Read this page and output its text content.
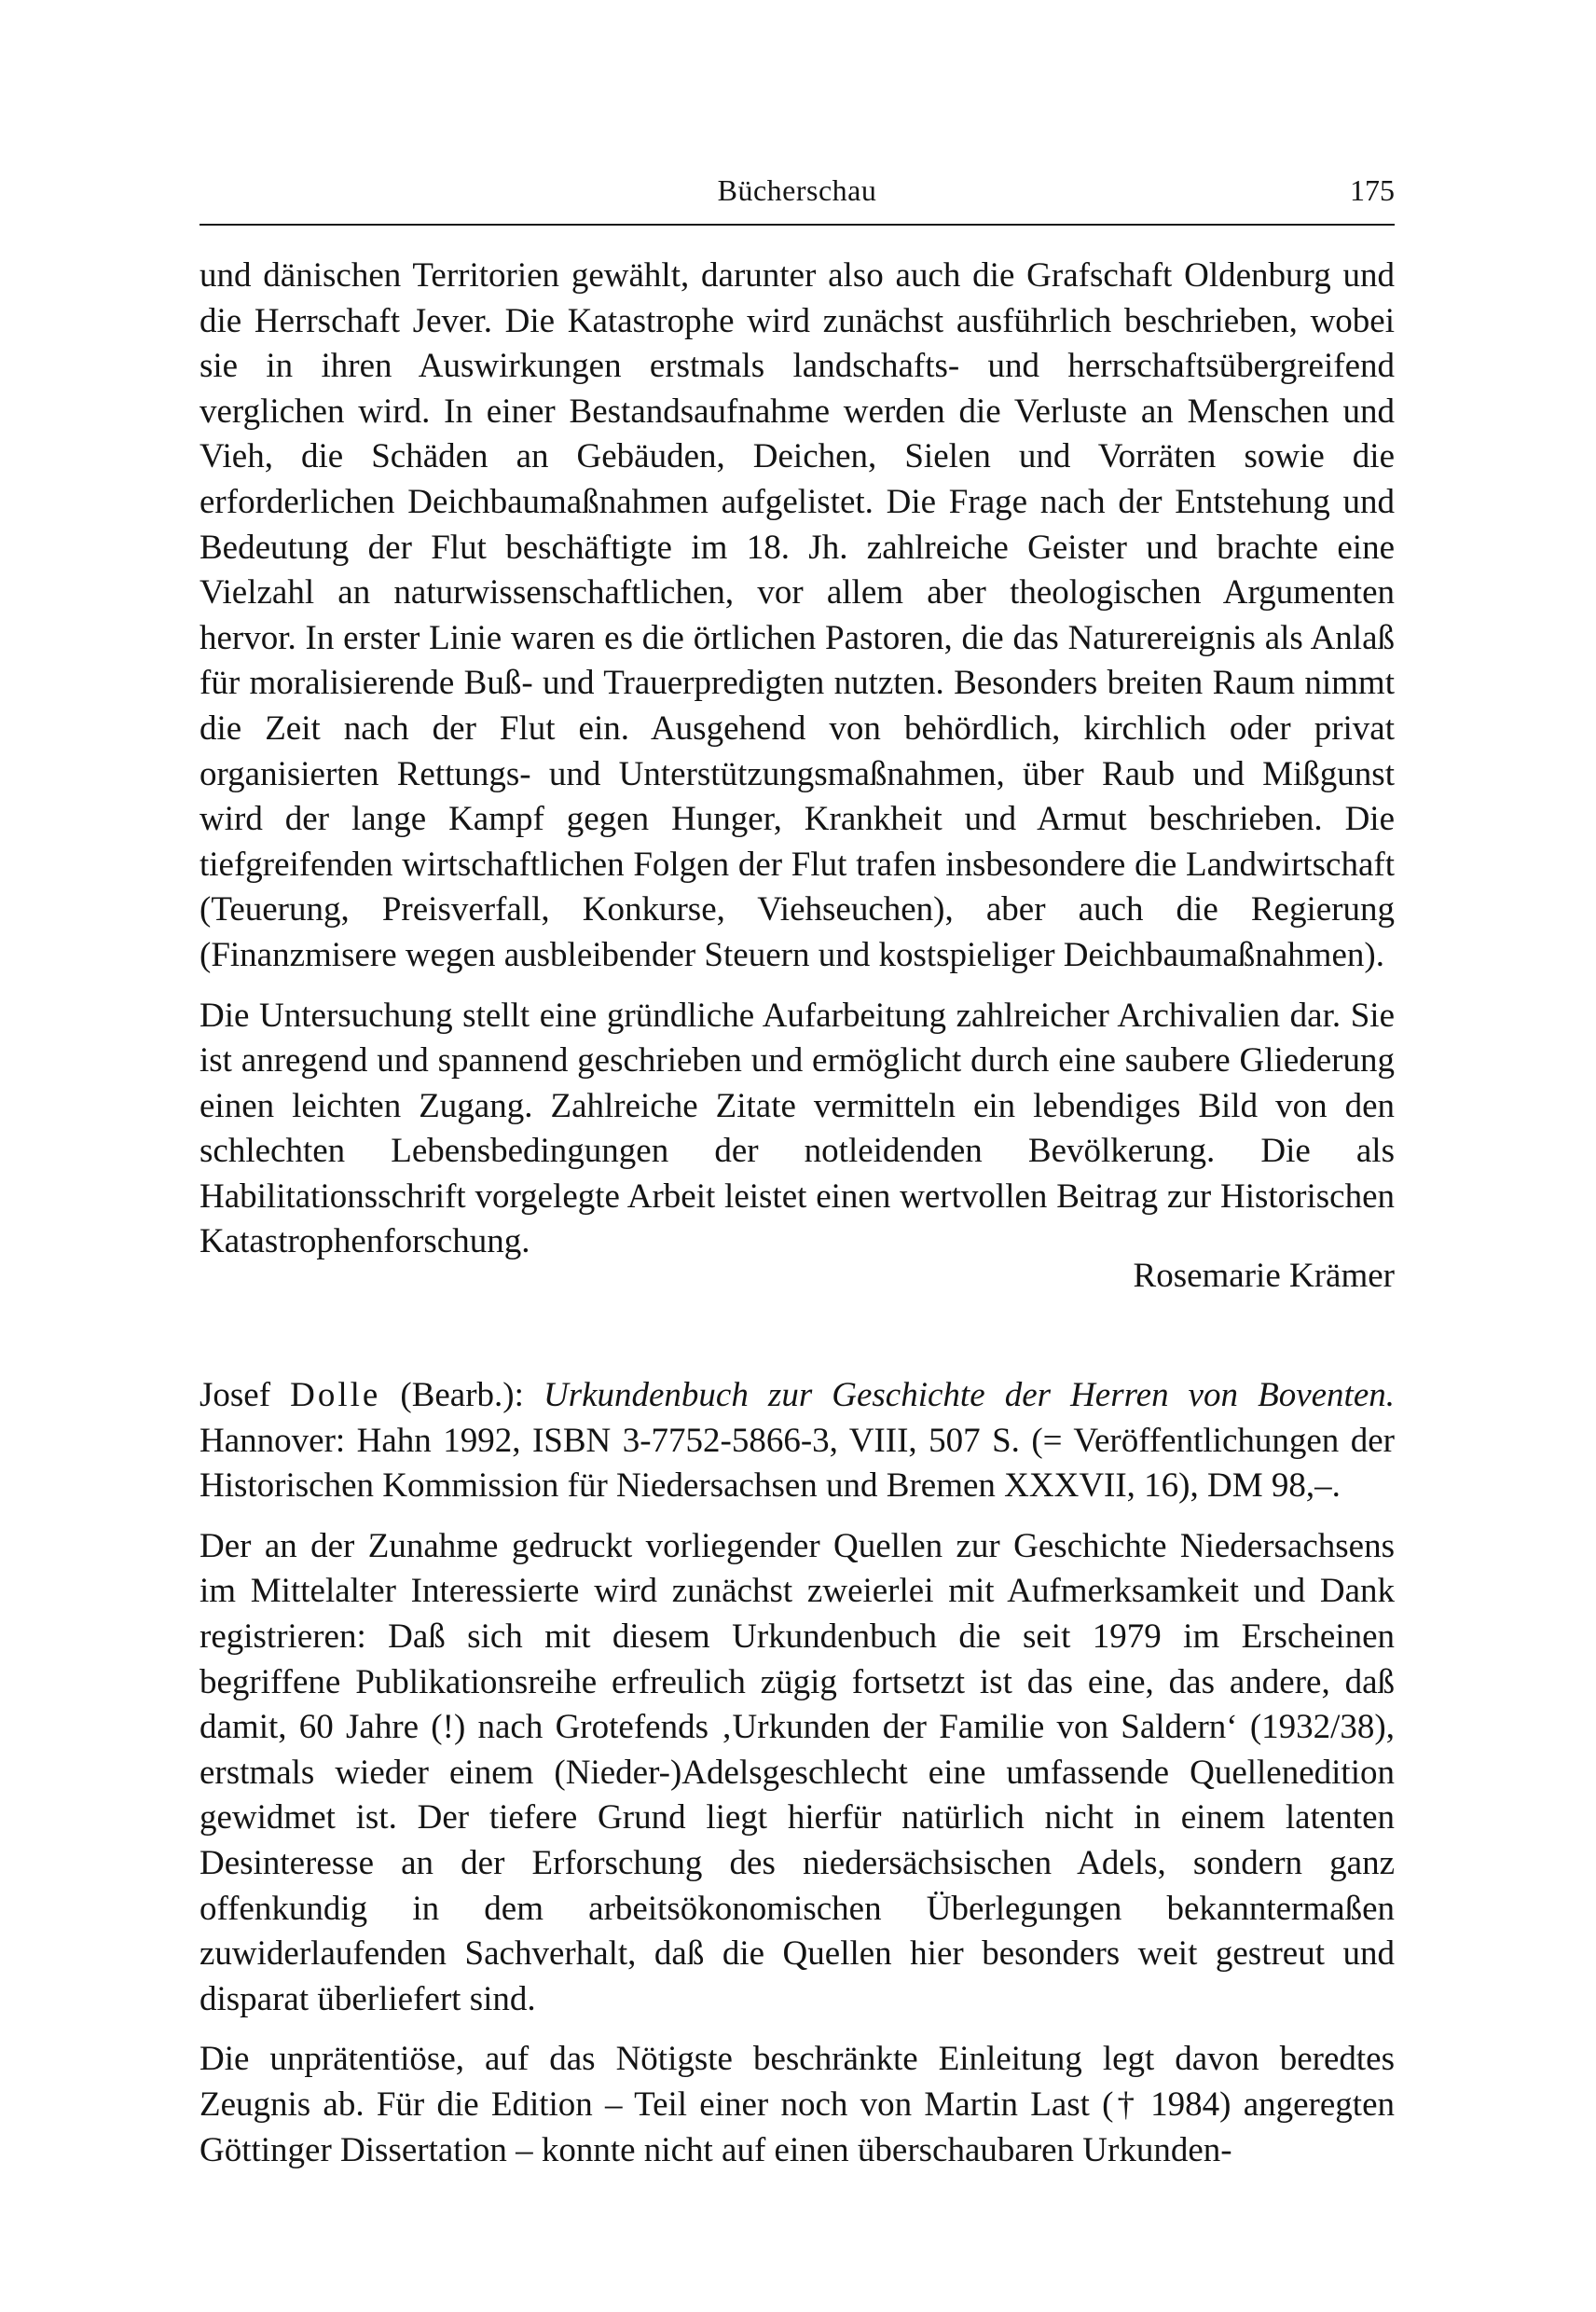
Bücherschau	175

und dänischen Territorien gewählt, darunter also auch die Grafschaft Oldenburg und die Herrschaft Jever. Die Katastrophe wird zunächst ausführlich beschrieben, wobei sie in ihren Auswirkungen erstmals landschafts- und herrschaftsübergreifend verglichen wird. In einer Bestandsaufnahme werden die Verluste an Menschen und Vieh, die Schäden an Gebäuden, Deichen, Sielen und Vorräten sowie die erforderlichen Deichbaumaßnahmen aufgelistet. Die Frage nach der Entstehung und Bedeutung der Flut beschäftigte im 18. Jh. zahlreiche Geister und brachte eine Vielzahl an naturwissenschaftlichen, vor allem aber theologischen Argumenten hervor. In erster Linie waren es die örtlichen Pastoren, die das Naturereignis als Anlaß für moralisierende Buß- und Trauerpredigten nutzten. Besonders breiten Raum nimmt die Zeit nach der Flut ein. Ausgehend von behördlich, kirchlich oder privat organisierten Rettungs- und Unterstützungsmaßnahmen, über Raub und Mißgunst wird der lange Kampf gegen Hunger, Krankheit und Armut beschrieben. Die tiefgreifenden wirtschaftlichen Folgen der Flut trafen insbesondere die Landwirtschaft (Teuerung, Preisverfall, Konkurse, Viehseuchen), aber auch die Regierung (Finanzmisere wegen ausbleibender Steuern und kostspieliger Deichbaumaßnahmen).

Die Untersuchung stellt eine gründliche Aufarbeitung zahlreicher Archivalien dar. Sie ist anregend und spannend geschrieben und ermöglicht durch eine saubere Gliederung einen leichten Zugang. Zahlreiche Zitate vermitteln ein lebendiges Bild von den schlechten Lebensbedingungen der notleidenden Bevölkerung. Die als Habilitationsschrift vorgelegte Arbeit leistet einen wertvollen Beitrag zur Historischen Katastrophenforschung.

Rosemarie Krämer

Josef Dolle (Bearb.): Urkundenbuch zur Geschichte der Herren von Boventen. Hannover: Hahn 1992, ISBN 3-7752-5866-3, VIII, 507 S. (= Veröffentlichungen der Historischen Kommission für Niedersachsen und Bremen XXXVII, 16), DM 98,–.

Der an der Zunahme gedruckt vorliegender Quellen zur Geschichte Niedersachsens im Mittelalter Interessierte wird zunächst zweierlei mit Aufmerksamkeit und Dank registrieren: Daß sich mit diesem Urkundenbuch die seit 1979 im Erscheinen begriffene Publikationsreihe erfreulich zügig fortsetzt ist das eine, das andere, daß damit, 60 Jahre (!) nach Grotefends ‚Urkunden der Familie von Saldern‘ (1932/38), erstmals wieder einem (Nieder-)Adelsgeschlecht eine umfassende Quellenedition gewidmet ist. Der tiefere Grund liegt hierfür natürlich nicht in einem latenten Desinteresse an der Erforschung des niedersächsischen Adels, sondern ganz offenkundig in dem arbeitsökonomischen Überlegungen bekanntermaßen zuwiderlaufenden Sachverhalt, daß die Quellen hier besonders weit gestreut und disparat überliefert sind.

Die unprätentiöse, auf das Nötigste beschränkte Einleitung legt davon beredtes Zeugnis ab. Für die Edition – Teil einer noch von Martin Last († 1984) angeregten Göttinger Dissertation – konnte nicht auf einen überschaubaren Urkunden-
